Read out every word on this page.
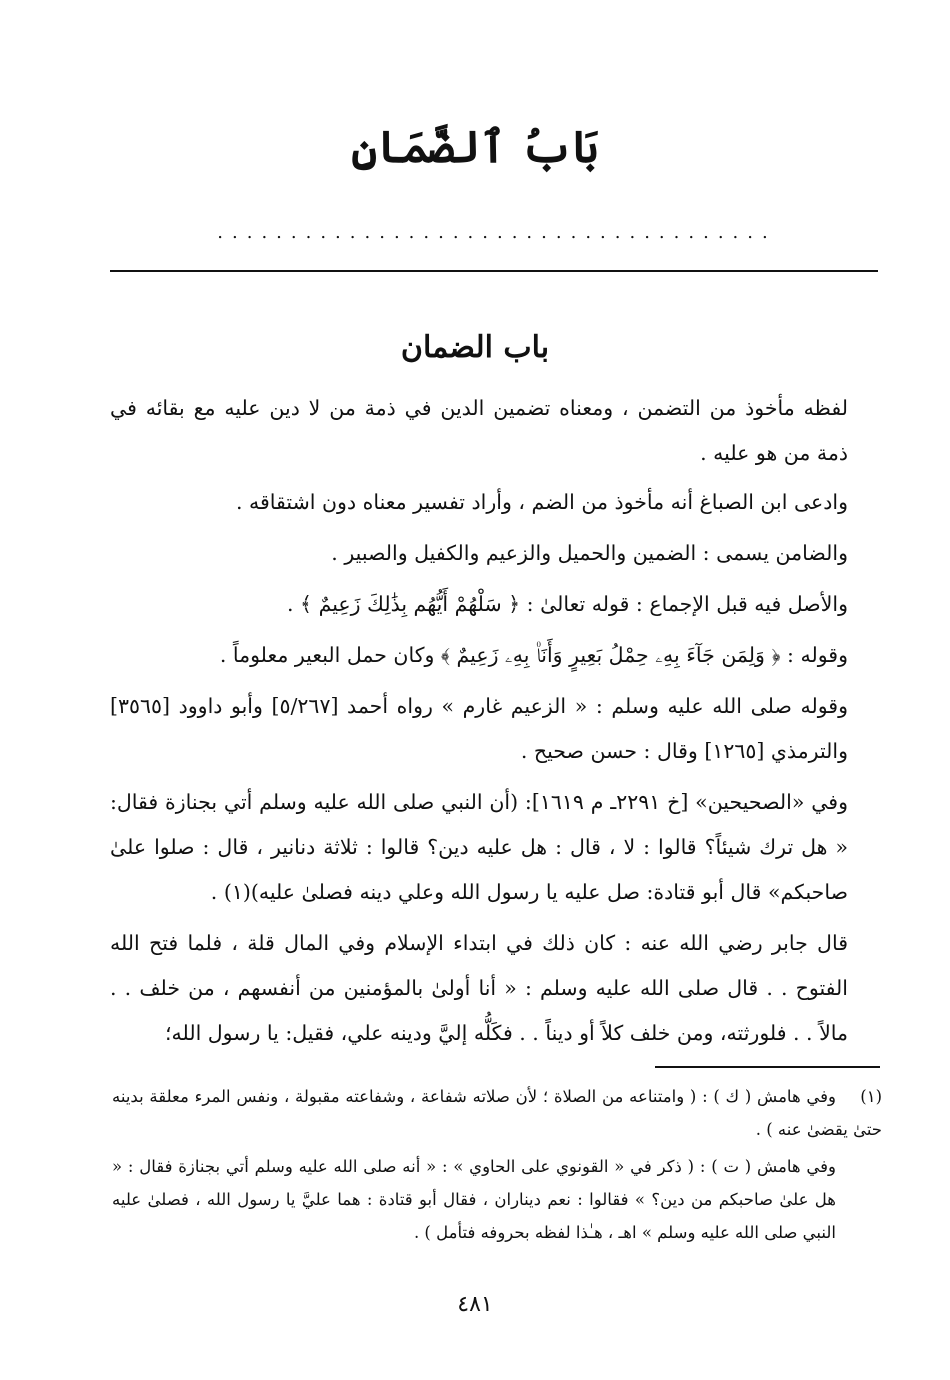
بَابُ ٱلضَّمَانِ
......................................
باب الضمان

لفظه مأخوذ من التضمن ، ومعناه تضمين الدين في ذمة من لا دين عليه مع بقائه في ذمة من هو عليه .

وادعى ابن الصباغ أنه مأخوذ من الضم ، وأراد تفسير معناه دون اشتقاقه .

والضامن يسمى : الضمين والحميل والزعيم والكفيل والصبير .

والأصل فيه قبل الإجماع : قوله تعالىٰ : ﴿ سَلْهُمْ أَيُّهُم بِذَٰلِكَ زَعِيمٌ ﴾ .

وقوله : ﴿ وَلِمَن جَآءَ بِهِۦ حِمْلُ بَعِيرٍ وَأَنَا۠ بِهِۦ زَعِيمٌ ﴾ وكان حمل البعير معلوماً .

وقوله صلى الله عليه وسلم : « الزعيم غارم » رواه أحمد [٥/٢٦٧] وأبو داوود [٣٥٦٥] والترمذي [١٢٦٥] وقال : حسن صحيح .

وفي «الصحيحين» [خ ٢٢٩١ـ م ١٦١٩]: (أن النبي صلى الله عليه وسلم أتي بجنازة فقال: « هل ترك شيئاً؟ قالوا : لا ، قال : هل عليه دين؟ قالوا : ثلاثة دنانير ، قال : صلوا علىٰ صاحبكم» قال أبو قتادة: صل عليه يا رسول الله وعلي دينه فصلىٰ عليه)(١) .

قال جابر رضي الله عنه : كان ذلك في ابتداء الإسلام وفي المال قلة ، فلما فتح الله الفتوح . . قال صلى الله عليه وسلم : « أنا أولىٰ بالمؤمنين من أنفسهم ، من خلف . . مالاً . . فلورثته، ومن خلف كلاً أو ديناً . . فكَلُّه إليَّ ودينه علي، فقيل: يا رسول الله؛

(١)وفي هامش ( ك ) : ( وامتناعه من الصلاة ؛ لأن صلاته شفاعة ، وشفاعته مقبولة ، ونفس المرء معلقة بدينه حتىٰ يقضىٰ عنه ) .

وفي هامش ( ت ) : ( ذكر في « القونوي على الحاوي » : « أنه صلى الله عليه وسلم أتي بجنازة فقال : « هل علىٰ صاحبكم من دين؟ » فقالوا : نعم ديناران ، فقال أبو قتادة : هما عليَّ يا رسول الله ، فصلىٰ عليه النبي صلى الله عليه وسلم » اهـ ، هـٰذا لفظه بحروفه فتأمل ) .

٤٨١
